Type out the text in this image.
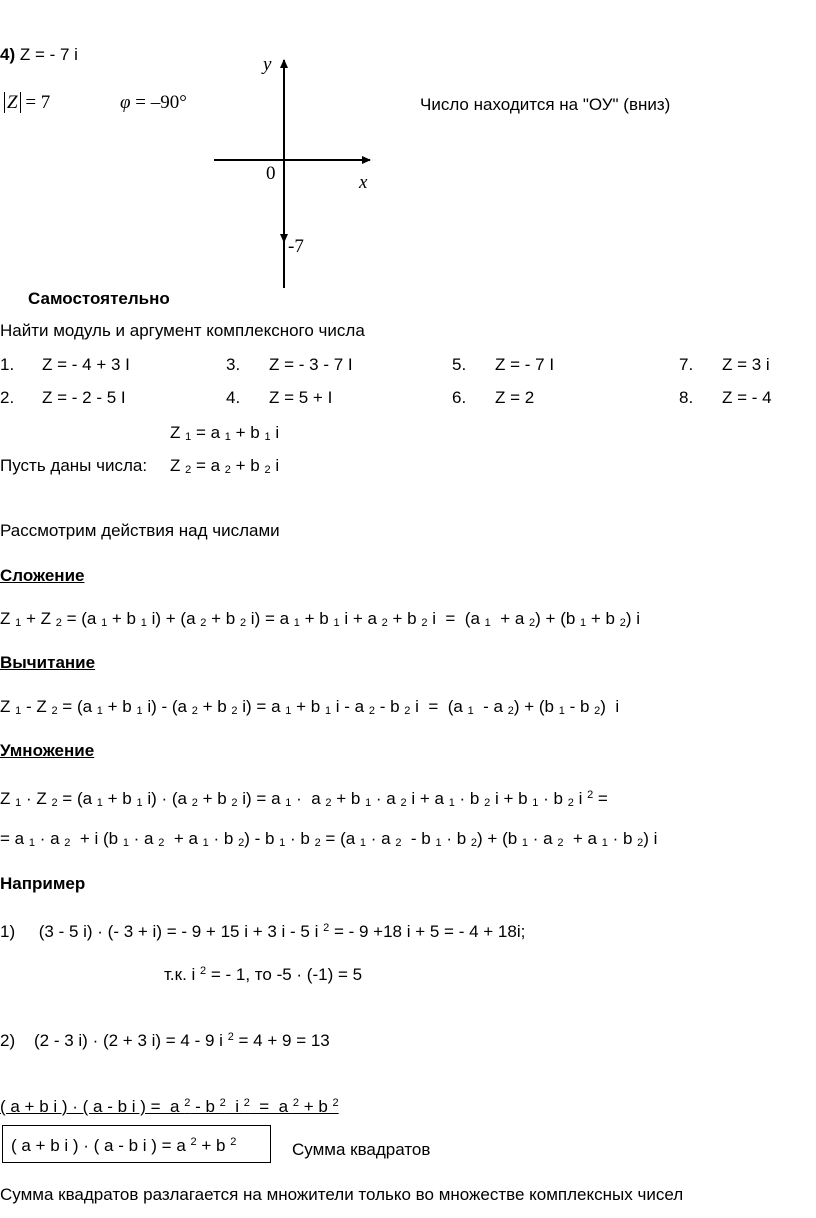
4) Z = - 7 i
Z = 7	φ = –90°	Число находится на "ОУ" (вниз)
y
x
0
-7
Самостоятельно
Найти модуль и аргумент комплексного числа
1. Z = - 4 + 3 I	3. Z = - 3 - 7 I	5. Z = - 7 I	7. Z = 3 i
2. Z = - 2 - 5 I	4. Z = 5 + I	6. Z = 2	8. Z = - 4
Z $_1$ = a $_1$ + b $_1$ i
Пусть даны числа: Z $_2$ = a $_2$ + b $_2$ i
Рассмотрим действия над числами
Сложение
Z $_1$ + Z $_2$ = (a $_1$ + b $_1$ i) + (a $_2$ + b $_2$ i) = a $_1$ + b $_1$ i + a $_2$ + b $_2$ i  =  (a $_1$  + a $_2$) + (b $_1$ + b $_2$) i
Вычитание
Z $_1$ - Z $_2$ = (a $_1$ + b $_1$ i) - (a $_2$ + b $_2$ i) = a $_1$ + b $_1$ i - a $_2$ - b $_2$ i  =  (a $_1$  - a $_2$) + (b $_1$ - b $_2$)  i
Умножение
Z $_1$ · Z $_2$ = (a $_1$ + b $_1$ i) · (a $_2$ + b $_2$ i) = a $_1$ ·  a $_2$ + b $_1$ · a $_2$ i + a $_1$ · b $_2$ i + b $_1$ · b $_2$ i $^2$ =
= a $_1$ · a $_2$  + i (b $_1$ · a $_2$  + a $_1$ · b $_2$) - b $_1$ · b $_2$ = (a $_1$ · a $_2$  - b $_1$ · b $_2$) + (b $_1$ · a $_2$  + a $_1$ · b $_2$) i
Например
1)     (3 - 5 i) · (- 3 + i) = - 9 + 15 i + 3 i - 5 i $^2$ = - 9 +18 i + 5 = - 4 + 18i;
т.к. i $^2$ = - 1, то -5 · (-1) = 5
2)    (2 - 3 i) · (2 + 3 i) = 4 - 9 i $^2$ = 4 + 9 = 13
( a + b i ) · ( a - b i ) =  a $^2$ - b $^2$  i $^2$  =  a $^2$ + b $^2$
( a + b i ) · ( a - b i ) = a $^2$ + b $^2$	Сумма квадратов
Сумма квадратов разлагается на множители только во множестве комплексных чисел
